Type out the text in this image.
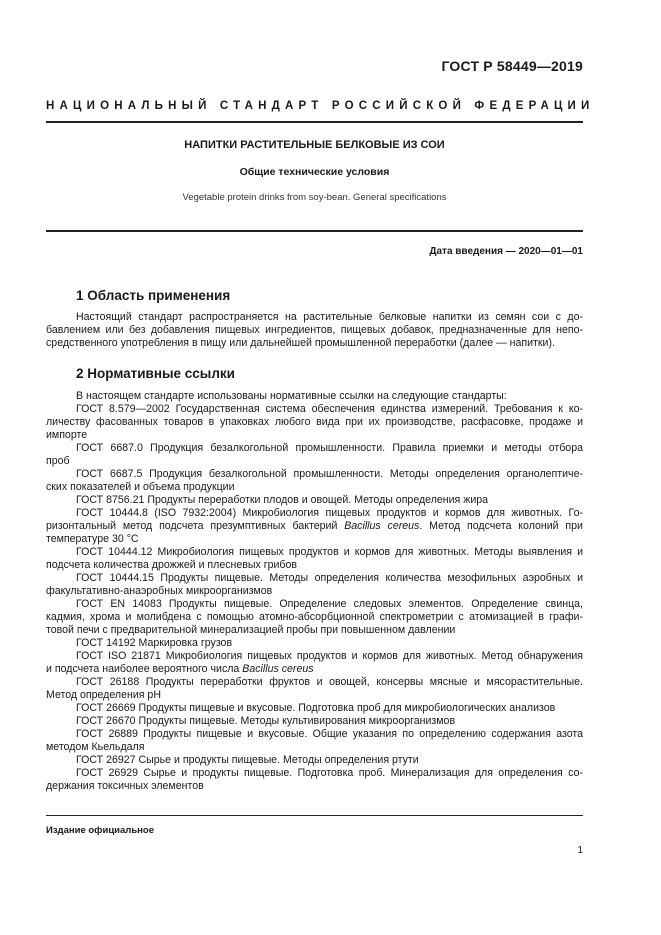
ГОСТ Р 58449—2019
НАЦИОНАЛЬНЫЙ СТАНДАРТ РОССИЙСКОЙ ФЕДЕРАЦИИ
НАПИТКИ РАСТИТЕЛЬНЫЕ БЕЛКОВЫЕ ИЗ СОИ
Общие технические условия
Vegetable protein drinks from soy-bean. General specifications
Дата введения — 2020—01—01
1 Область применения
Настоящий стандарт распространяется на растительные белковые напитки из семян сои с до-
бавлением или без добавления пищевых ингредиентов, пищевых добавок, предназначенные для непо-
средственного употребления в пищу или дальнейшей промышленной переработки (далее — напитки).
2 Нормативные ссылки
В настоящем стандарте использованы нормативные ссылки на следующие стандарты:
ГОСТ 8.579—2002 Государственная система обеспечения единства измерений. Требования к ко-
личеству фасованных товаров в упаковках любого вида при их производстве, расфасовке, продаже и
импорте
ГОСТ 6687.0 Продукция безалкогольной промышленности. Правила приемки и методы отбора
проб
ГОСТ 6687.5 Продукция безалкогольной промышленности. Методы определения органолептиче-
ских показателей и объема продукции
ГОСТ 8756.21 Продукты переработки плодов и овощей. Методы определения жира
ГОСТ 10444.8 (ISO 7932:2004) Микробиология пищевых продуктов и кормов для животных. Го-
ризонтальный метод подсчета презумптивных бактерий Bacillus cereus. Метод подсчета колоний при
температуре 30 °С
ГОСТ 10444.12 Микробиология пищевых продуктов и кормов для животных. Методы выявления и
подсчета количества дрожжей и плесневых грибов
ГОСТ 10444.15 Продукты пищевые. Методы определения количества мезофильных аэробных и
факультативно-анаэробных микроорганизмов
ГОСТ EN 14083 Продукты пищевые. Определение следовых элементов. Определение свинца,
кадмия, хрома и молибдена с помощью атомно-абсорбционной спектрометрии с атомизацией в графи-
товой печи с предварительной минерализацией пробы при повышенном давлении
ГОСТ 14192 Маркировка грузов
ГОСТ ISO 21871 Микробиология пищевых продуктов и кормов для животных. Метод обнаружения
и подсчета наиболее вероятного числа Bacillus cereus
ГОСТ 26188 Продукты переработки фруктов и овощей, консервы мясные и мясорастительные.
Метод определения рН
ГОСТ 26669 Продукты пищевые и вкусовые. Подготовка проб для микробиологических анализов
ГОСТ 26670 Продукты пищевые. Методы культивирования микроорганизмов
ГОСТ 26889 Продукты пищевые и вкусовые. Общие указания по определению содержания азота
методом Кьельдаля
ГОСТ 26927 Сырье и продукты пищевые. Методы определения ртути
ГОСТ 26929 Сырье и продукты пищевые. Подготовка проб. Минерализация для определения со-
держания токсичных элементов
Издание официальное
1
